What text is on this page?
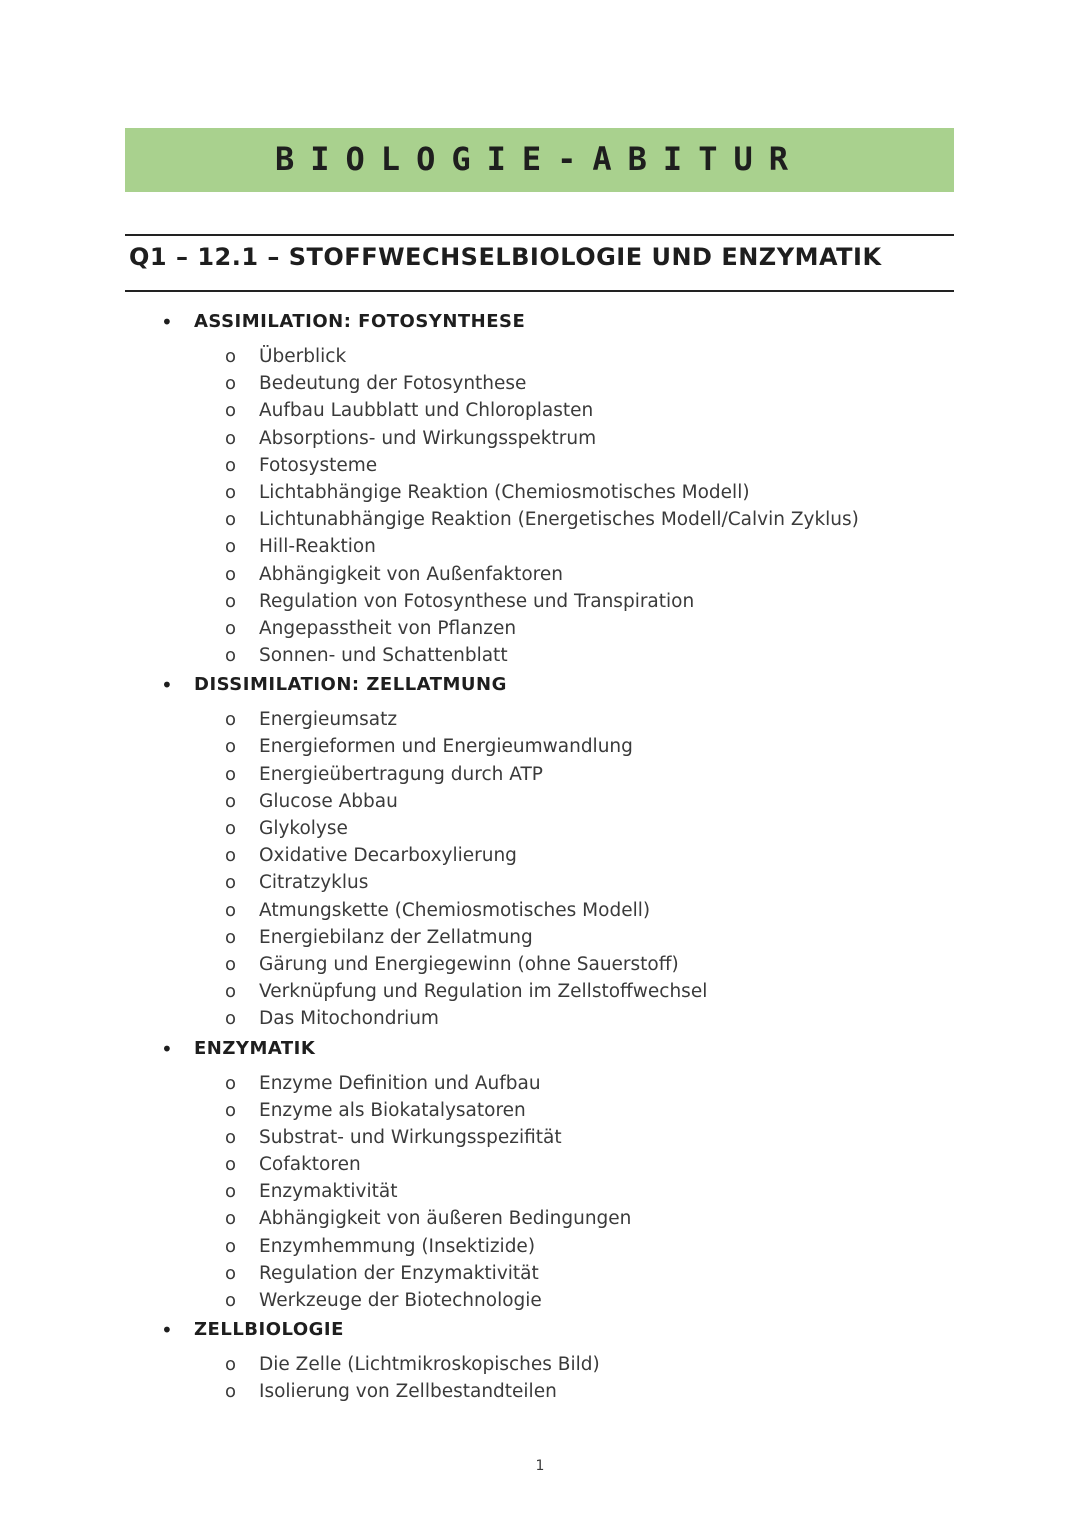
BIOLOGIE-ABITUR
Q1 – 12.1 – STOFFWECHSELBIOLOGIE UND ENZYMATIK
• ASSIMILATION: FOTOSYNTHESE
o Überblick
o Bedeutung der Fotosynthese
o Aufbau Laubblatt und Chloroplasten
o Absorptions- und Wirkungsspektrum
o Fotosysteme
o Lichtabhängige Reaktion (Chemiosmotisches Modell)
o Lichtunabhängige Reaktion (Energetisches Modell/Calvin Zyklus)
o Hill-Reaktion
o Abhängigkeit von Außenfaktoren
o Regulation von Fotosynthese und Transpiration
o Angepasstheit von Pflanzen
o Sonnen- und Schattenblatt
• DISSIMILATION: ZELLATMUNG
o Energieumsatz
o Energieformen und Energieumwandlung
o Energieübertragung durch ATP
o Glucose Abbau
o Glykolyse
o Oxidative Decarboxylierung
o Citratzyklus
o Atmungskette (Chemiosmotisches Modell)
o Energiebilanz der Zellatmung
o Gärung und Energiegewinn (ohne Sauerstoff)
o Verknüpfung und Regulation im Zellstoffwechsel
o Das Mitochondrium
• ENZYMATIK
o Enzyme Definition und Aufbau
o Enzyme als Biokatalysatoren
o Substrat- und Wirkungsspezifität
o Cofaktoren
o Enzymaktivität
o Abhängigkeit von äußeren Bedingungen
o Enzymhemmung (Insektizide)
o Regulation der Enzymaktivität
o Werkzeuge der Biotechnologie
• ZELLBIOLOGIE
o Die Zelle (Lichtmikroskopisches Bild)
o Isolierung von Zellbestandteilen
1
